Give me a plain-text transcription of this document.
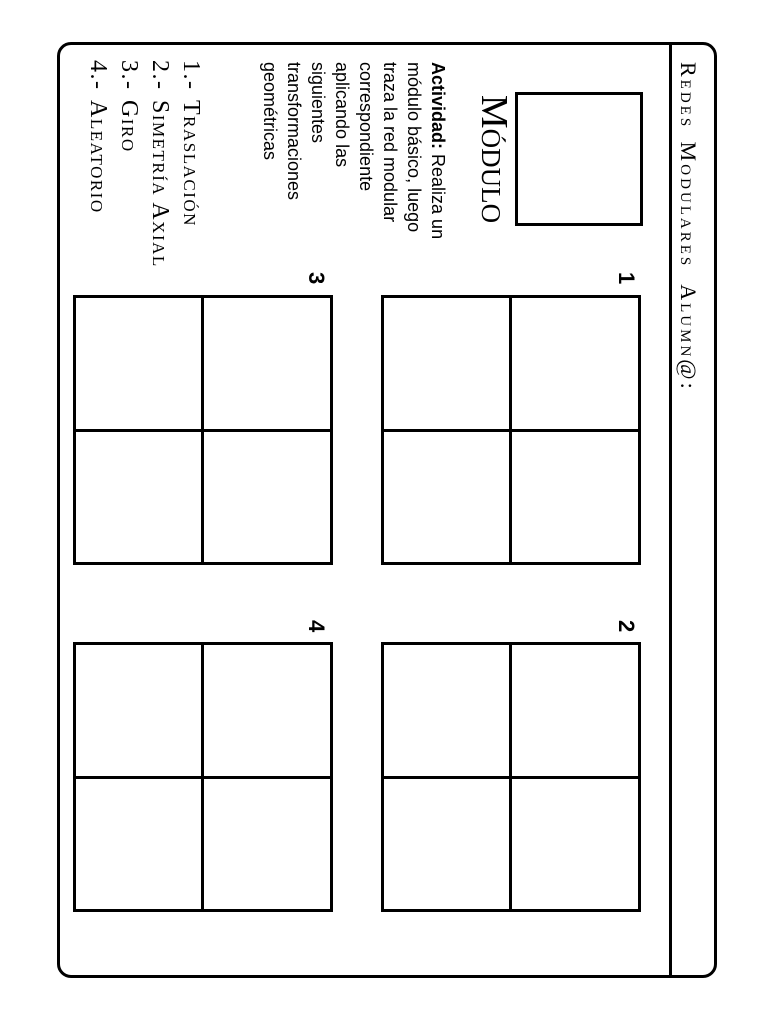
Redes ModularesAlumn@:
Módulo
Actividad: Realiza un
módulo básico, luego
traza la red modular
correspondiente
aplicando las
siguientes
transformaciones
geométricas
1.-Traslación
2.-Simetría Axial
3.-Giro
4.-Aleatorio
1
2
3
4
